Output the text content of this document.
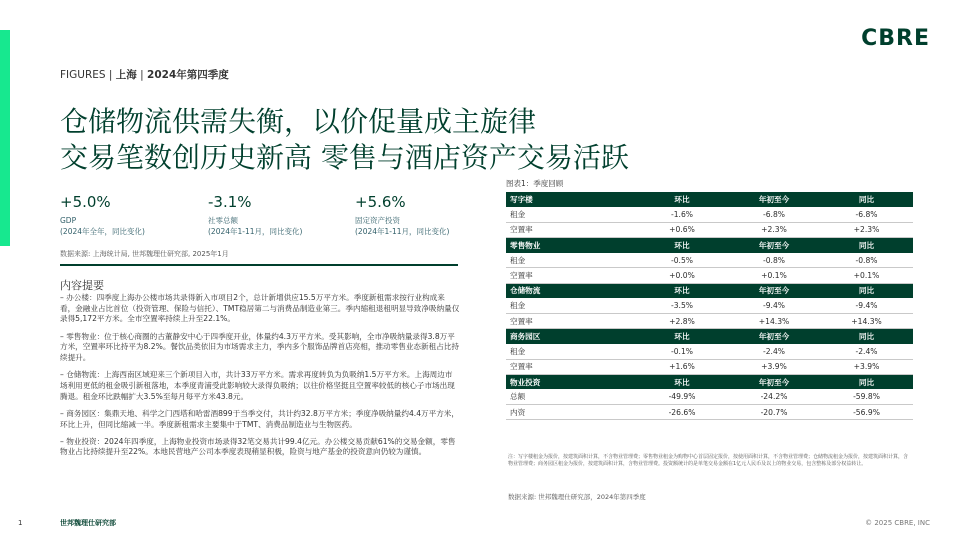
CBRE
FIGURES | 上海 | 2024年第四季度
仓储物流供需失衡，以价促量成主旋律
交易笔数创历史新高 零售与酒店资产交易活跃
+5.0%
GDP
(2024年全年，同比变化)
-3.1%
社零总额
(2024年1-11月，同比变化)
+5.6%
固定资产投资
(2024年1-11月，同比变化)
数据来源: 上海统计局, 世邦魏理仕研究部, 2025年1月
内容提要

– 办公楼：四季度上海办公楼市场共录得新入市项目2个，总计新增供应15.5万平方米。季度新租需求按行业构成来看，金融业占比首位（投资管理、保险与信托）、TMT稳居第二与消费品制造业第三。季内缩租退租明显导致净吸纳量仅录得5,172平方米。全市空置率持续上升至22.1%。

– 零售物业：位于核心商圈的古董静安中心于四季度开业，体量约4.3万平方米。受其影响，全市净吸纳量录得3.8万平方米，空置率环比持平为8.2%。餐饮品类依旧为市场需求主力，季内多个服饰品牌首店亮相，推动零售业态新租占比持续提升。

– 仓储物流：上海西南区域迎来三个新项目入市，共计33万平方米。需求再度转负为负吸纳1.5万平方米。上海周边市场利用更低的租金吸引新租落地，本季度青浦受此影响较大录得负吸纳；以往价格坚挺且空置率较低的核心子市场出现腾退。租金环比跌幅扩大3.5%至每月每平方米43.8元。

– 商务园区：集鼎天地、科学之门西塔和哈雷酒899于当季交付，共计约32.8万平方米；季度净吸纳量约4.4万平方米，环比上升，但同比缩减一半。季度新租需求主要集中于TMT、消费品制造业与生物医药。

– 物业投资：2024年四季度，上海物业投资市场录得32笔交易共计99.4亿元。办公楼交易贡献61%的交易金额，零售物业占比持续提升至22%。本地民营地产公司本季度表现稍显积极，险资与地产基金的投资意向仍较为谨慎。

图表1：季度回顾
写字楼	环比	年初至今	同比
租金	-1.6%	-6.8%	-6.8%
空置率	+0.6%	+2.3%	+2.3%
零售物业	环比	年初至今	同比
租金	-0.5%	-0.8%	-0.8%
空置率	+0.0%	+0.1%	+0.1%
仓储物流	环比	年初至今	同比
租金	-3.5%	-9.4%	-9.4%
空置率	+2.8%	+14.3%	+14.3%
商务园区	环比	年初至今	同比
租金	-0.1%	-2.4%	-2.4%
空置率	+1.6%	+3.9%	+3.9%
物业投资	环比	年初至今	同比
总额	-49.9%	-24.2%	-59.8%
内资	-26.6%	-20.7%	-56.9%
注：写字楼租金为报价，按建筑面积计算，不含物业管理费；零售物业租金为购物中心首层固定报价，按使用面积计算，不含物业管理费；仓储物流租金为报价，按建筑面积计算，含物业管理费；商务园区租金为报价，按建筑面积计算，含物业管理费。投资额统计的是单笔交易金额在1亿元人民币及以上的物业交易，包含整栋及部分权益转让。
数据来源: 世邦魏理仕研究部，2024年第四季度
1	世邦魏理仕研究部	© 2025 CBRE, INC
